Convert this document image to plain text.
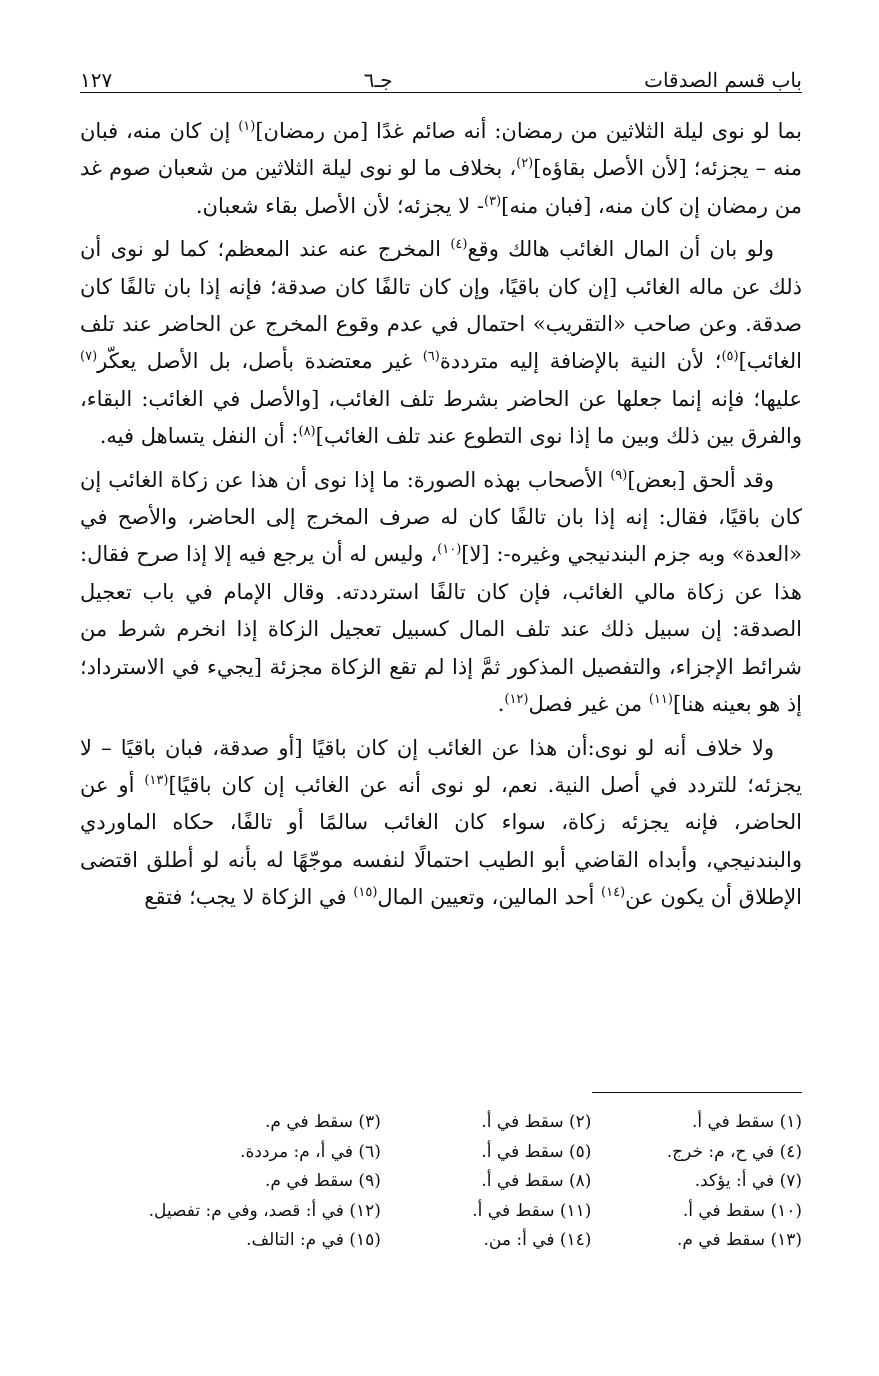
باب قسم الصدقات
جـ٦
١٢٧

بما لو نوى ليلة الثلاثين من رمضان: أنه صائم غدًا [من رمضان]$^{(١)}$ إن كان منه، فبان منه – يجزئه؛ [لأن الأصل بقاؤه]$^{(٢)}$، بخلاف ما لو نوى ليلة الثلاثين من شعبان صوم غد من رمضان إن كان منه، [فبان منه]$^{(٣)}$- لا يجزئه؛ لأن الأصل بقاء شعبان.

ولو بان أن المال الغائب هالك وقع$^{(٤)}$ المخرج عنه عند المعظم؛ كما لو نوى أن ذلك عن ماله الغائب [إن كان باقيًا، وإن كان تالفًا كان صدقة؛ فإنه إذا بان تالفًا كان صدقة. وعن صاحب «التقريب» احتمال في عدم وقوع المخرج عن الحاضر عند تلف الغائب]$^{(٥)}$؛ لأن النية بالإضافة إليه مترددة$^{(٦)}$ غير معتضدة بأصل، بل الأصل يعكّر$^{(٧)}$ عليها؛ فإنه إنما جعلها عن الحاضر بشرط تلف الغائب، [والأصل في الغائب: البقاء، والفرق بين ذلك وبين ما إذا نوى التطوع عند تلف الغائب]$^{(٨)}$: أن النفل يتساهل فيه.

وقد ألحق [بعض]$^{(٩)}$ الأصحاب بهذه الصورة: ما إذا نوى أن هذا عن زكاة الغائب إن كان باقيًا، فقال: إنه إذا بان تالفًا كان له صرف المخرج إلى الحاضر، والأصح في «العدة» وبه جزم البندنيجي وغيره-: [لا]$^{(١٠)}$، وليس له أن يرجع فيه إلا إذا صرح فقال: هذا عن زكاة مالي الغائب، فإن كان تالفًا استرددته. وقال الإمام في باب تعجيل الصدقة: إن سبيل ذلك عند تلف المال كسبيل تعجيل الزكاة إذا انخرم شرط من شرائط الإجزاء، والتفصيل المذكور ثمَّ إذا لم تقع الزكاة مجزئة [يجيء في الاسترداد؛ إذ هو بعينه هنا]$^{(١١)}$ من غير فصل$^{(١٢)}$.

ولا خلاف أنه لو نوى:أن هذا عن الغائب إن كان باقيًا [أو صدقة، فبان باقيًا – لا يجزئه؛ للتردد في أصل النية. نعم، لو نوى أنه عن الغائب إن كان باقيًا]$^{(١٣)}$ أو عن الحاضر، فإنه يجزئه زكاة، سواء كان الغائب سالمًا أو تالفًا، حكاه الماوردي والبندنيجي، وأبداه القاضي أبو الطيب احتمالًا لنفسه موجّهًا له بأنه لو أطلق اقتضى الإطلاق أن يكون عن$^{(١٤)}$ أحد المالين، وتعيين المال$^{(١٥)}$ في الزكاة لا يجب؛ فتقع

(١) سقط في أ.
(٢) سقط في أ.
(٣) سقط في م.
(٤) في ح، م: خرج.
(٥) سقط في أ.
(٦) في أ، م: مرددة.
(٧) في أ: يؤكد.
(٨) سقط في أ.
(٩) سقط في م.
(١٠) سقط في أ.
(١١) سقط في أ.
(١٢) في أ: قصد، وفي م: تفصيل.
(١٣) سقط في م.
(١٤) في أ: من.
(١٥) في م: التالف.
